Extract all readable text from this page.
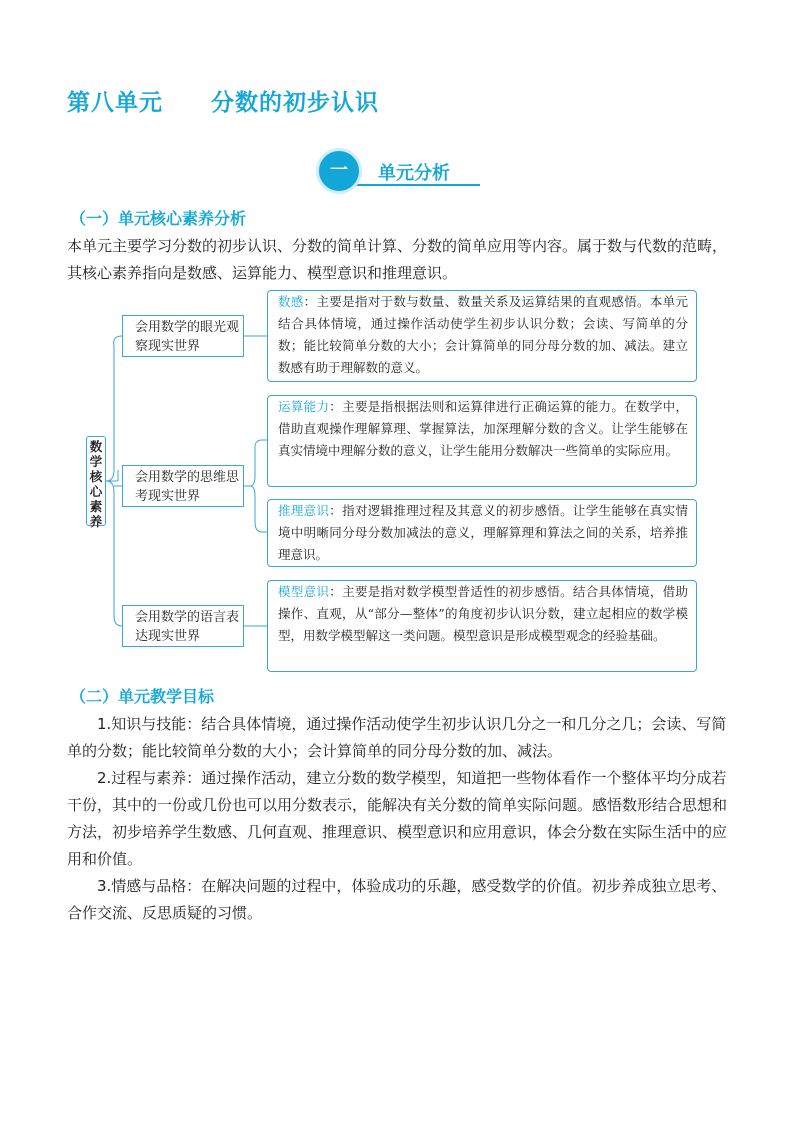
第八单元 分数的初步认识
一	单元分析
（一）单元核心素养分析

本单元主要学习分数的初步认识、分数的简单计算、分数的简单应用等内容。属于数与代数的范畴，其核心素养指向是数感、运算能力、模型意识和推理意识。

数学核心素养
会用数学的眼光观察现实世界
会用数学的思维思考现实世界
会用数学的语言表达现实世界
数感：主要是指对于数与数量、数量关系及运算结果的直观感悟。本单元结合具体情境，通过操作活动使学生初步认识分数；会读、写简单的分数；能比较简单分数的大小；会计算简单的同分母分数的加、减法。建立数感有助于理解数的意义。
运算能力：主要是指根据法则和运算律进行正确运算的能力。在数学中，借助直观操作理解算理、掌握算法，加深理解分数的含义。让学生能够在真实情境中理解分数的意义，让学生能用分数解决一些简单的实际应用。
推理意识：指对逻辑推理过程及其意义的初步感悟。让学生能够在真实情境中明晰同分母分数加减法的意义，理解算理和算法之间的关系，培养推理意识。
模型意识：主要是指对数学模型普适性的初步感悟。结合具体情境，借助操作、直观，从“部分—整体”的角度初步认识分数，建立起相应的数学模型，用数学模型解这一类问题。模型意识是形成模型观念的经验基础。
（二）单元教学目标

1.知识与技能：结合具体情境，通过操作活动使学生初步认识几分之一和几分之几；会读、写简单的分数；能比较简单分数的大小；会计算简单的同分母分数的加、减法。

2.过程与素养：通过操作活动，建立分数的数学模型，知道把一些物体看作一个整体平均分成若干份，其中的一份或几份也可以用分数表示，能解决有关分数的简单实际问题。感悟数形结合思想和方法，初步培养学生数感、几何直观、推理意识、模型意识和应用意识，体会分数在实际生活中的应用和价值。

3.情感与品格：在解决问题的过程中，体验成功的乐趣，感受数学的价值。初步养成独立思考、合作交流、反思质疑的习惯。
